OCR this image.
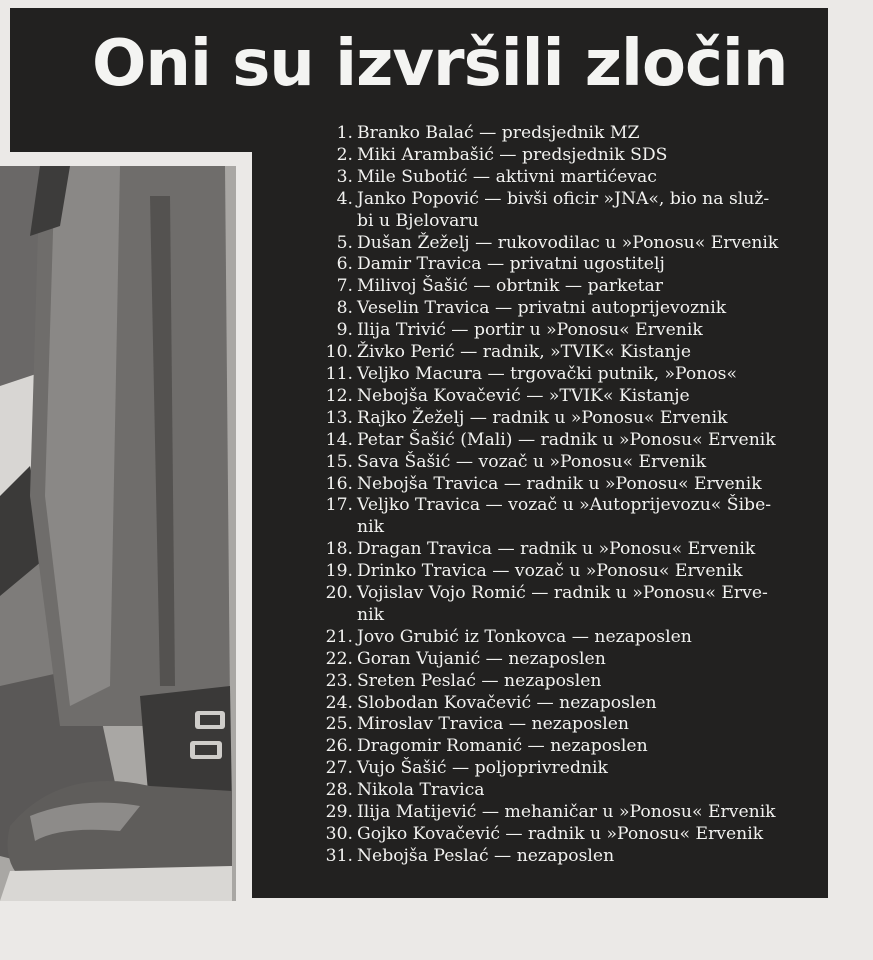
Oni su izvršili zločin
1. Branko Balać — predsjednik MZ
2. Miki Arambašić — predsjednik SDS
3. Mile Subotić — aktivni martićevac
4. Janko Popović — bivši oficir »JNA«, bio na služ-
bi u Bjelovaru
5. Dušan Žeželj — rukovodilac u »Ponosu« Ervenik
6. Damir Travica — privatni ugostitelj
7. Milivoj Šašić — obrtnik — parketar
8. Veselin Travica — privatni autoprijevoznik
9. Ilija Trivić — portir u »Ponosu« Ervenik
10. Živko Perić — radnik, »TVIK« Kistanje
11. Veljko Macura — trgovački putnik, »Ponos«
12. Nebojša Kovačević — »TVIK« Kistanje
13. Rajko Žeželj — radnik u »Ponosu« Ervenik
14. Petar Šašić (Mali) — radnik u »Ponosu« Ervenik
15. Sava Šašić — vozač u »Ponosu« Ervenik
16. Nebojša Travica — radnik u »Ponosu« Ervenik
17. Veljko Travica — vozač u »Autoprijevozu« Šibe-
nik
18. Dragan Travica — radnik u »Ponosu« Ervenik
19. Drinko Travica — vozač u »Ponosu« Ervenik
20. Vojislav Vojo Romić — radnik u »Ponosu« Erve-
nik
21. Jovo Grubić iz Tonkovca — nezaposlen
22. Goran Vujanić — nezaposlen
23. Sreten Peslać — nezaposlen
24. Slobodan Kovačević — nezaposlen
25. Miroslav Travica — nezaposlen
26. Dragomir Romanić — nezaposlen
27. Vujo Šašić — poljoprivrednik
28. Nikola Travica
29. Ilija Matijević — mehaničar u »Ponosu« Ervenik
30. Gojko Kovačević — radnik u »Ponosu« Ervenik
31. Nebojša Peslać — nezaposlen
